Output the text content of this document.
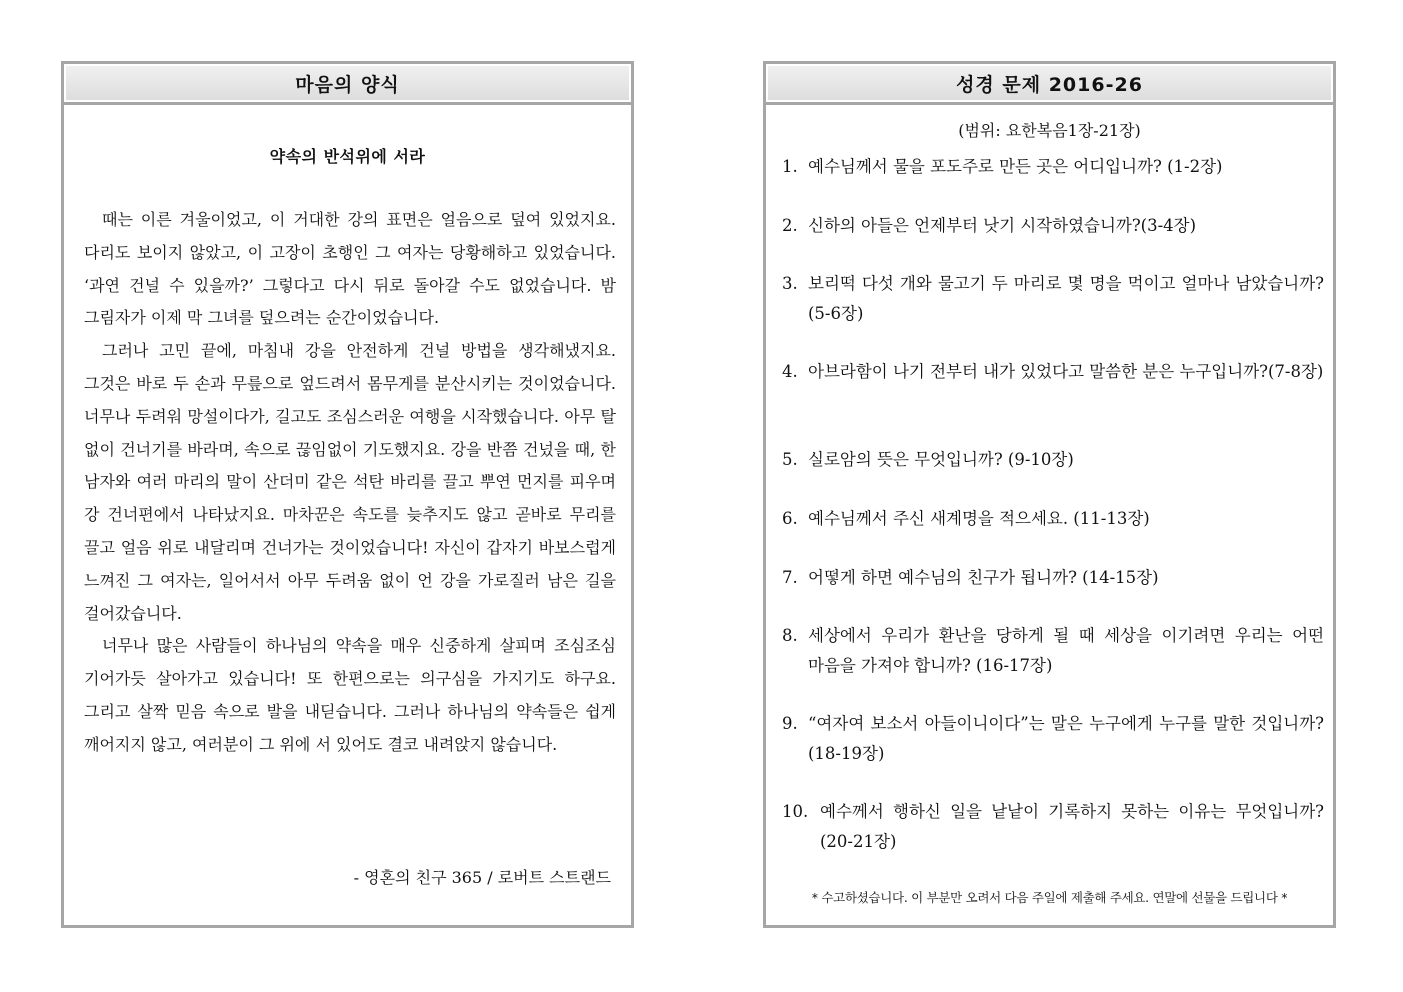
마음의 양식
약속의 반석위에 서라

때는 이른 겨울이었고, 이 거대한 강의 표면은 얼음으로 덮여 있었지요. 다리도 보이지 않았고, 이 고장이 초행인 그 여자는 당황해하고 있었습니다. ‘과연 건널 수 있을까?’ 그렇다고 다시 뒤로 돌아갈 수도 없었습니다. 밤 그림자가 이제 막 그녀를 덮으려는 순간이었습니다.

그러나 고민 끝에, 마침내 강을 안전하게 건널 방법을 생각해냈지요. 그것은 바로 두 손과 무릎으로 엎드려서 몸무게를 분산시키는 것이었습니다. 너무나 두려워 망설이다가, 길고도 조심스러운 여행을 시작했습니다. 아무 탈 없이 건너기를 바라며, 속으로 끊임없이 기도했지요. 강을 반쯤 건넜을 때, 한 남자와 여러 마리의 말이 산더미 같은 석탄 바리를 끌고 뿌연 먼지를 피우며 강 건너편에서 나타났지요. 마차꾼은 속도를 늦추지도 않고 곧바로 무리를 끌고 얼음 위로 내달리며 건너가는 것이었습니다! 자신이 갑자기 바보스럽게 느껴진 그 여자는, 일어서서 아무 두려움 없이 언 강을 가로질러 남은 길을 걸어갔습니다.

너무나 많은 사람들이 하나님의 약속을 매우 신중하게 살피며 조심조심 기어가듯 살아가고 있습니다! 또 한편으로는 의구심을 가지기도 하구요. 그리고 살짝 믿음 속으로 발을 내딛습니다. 그러나 하나님의 약속들은 쉽게 깨어지지 않고, 여러분이 그 위에 서 있어도 결코 내려앉지 않습니다.

- 영혼의 친구 365 / 로버트 스트랜드
성경 문제 2016-26
(범위: 요한복음1장-21장)
1. 예수님께서 물을 포도주로 만든 곳은 어디입니까? (1-2장)
2. 신하의 아들은 언제부터 낫기 시작하였습니까?(3-4장)
3. 보리떡 다섯 개와 물고기 두 마리로 몇 명을 먹이고 얼마나 남았습니까? (5-6장)
4. 아브라함이 나기 전부터 내가 있었다고 말씀한 분은 누구입니까?(7-8장)
5. 실로암의 뜻은 무엇입니까? (9-10장)
6. 예수님께서 주신 새계명을 적으세요. (11-13장)
7. 어떻게 하면 예수님의 친구가 됩니까? (14-15장)
8. 세상에서 우리가 환난을 당하게 될 때 세상을 이기려면 우리는 어떤 마음을 가져야 합니까? (16-17장)
9. “여자여 보소서 아들이니이다”는 말은 누구에게 누구를 말한 것입니까?(18-19장)
10. 예수께서 행하신 일을 낱낱이 기록하지 못하는 이유는 무엇입니까? (20-21장)
* 수고하셨습니다. 이 부분만 오려서 다음 주일에 제출해 주세요. 연말에 선물을 드립니다 *
